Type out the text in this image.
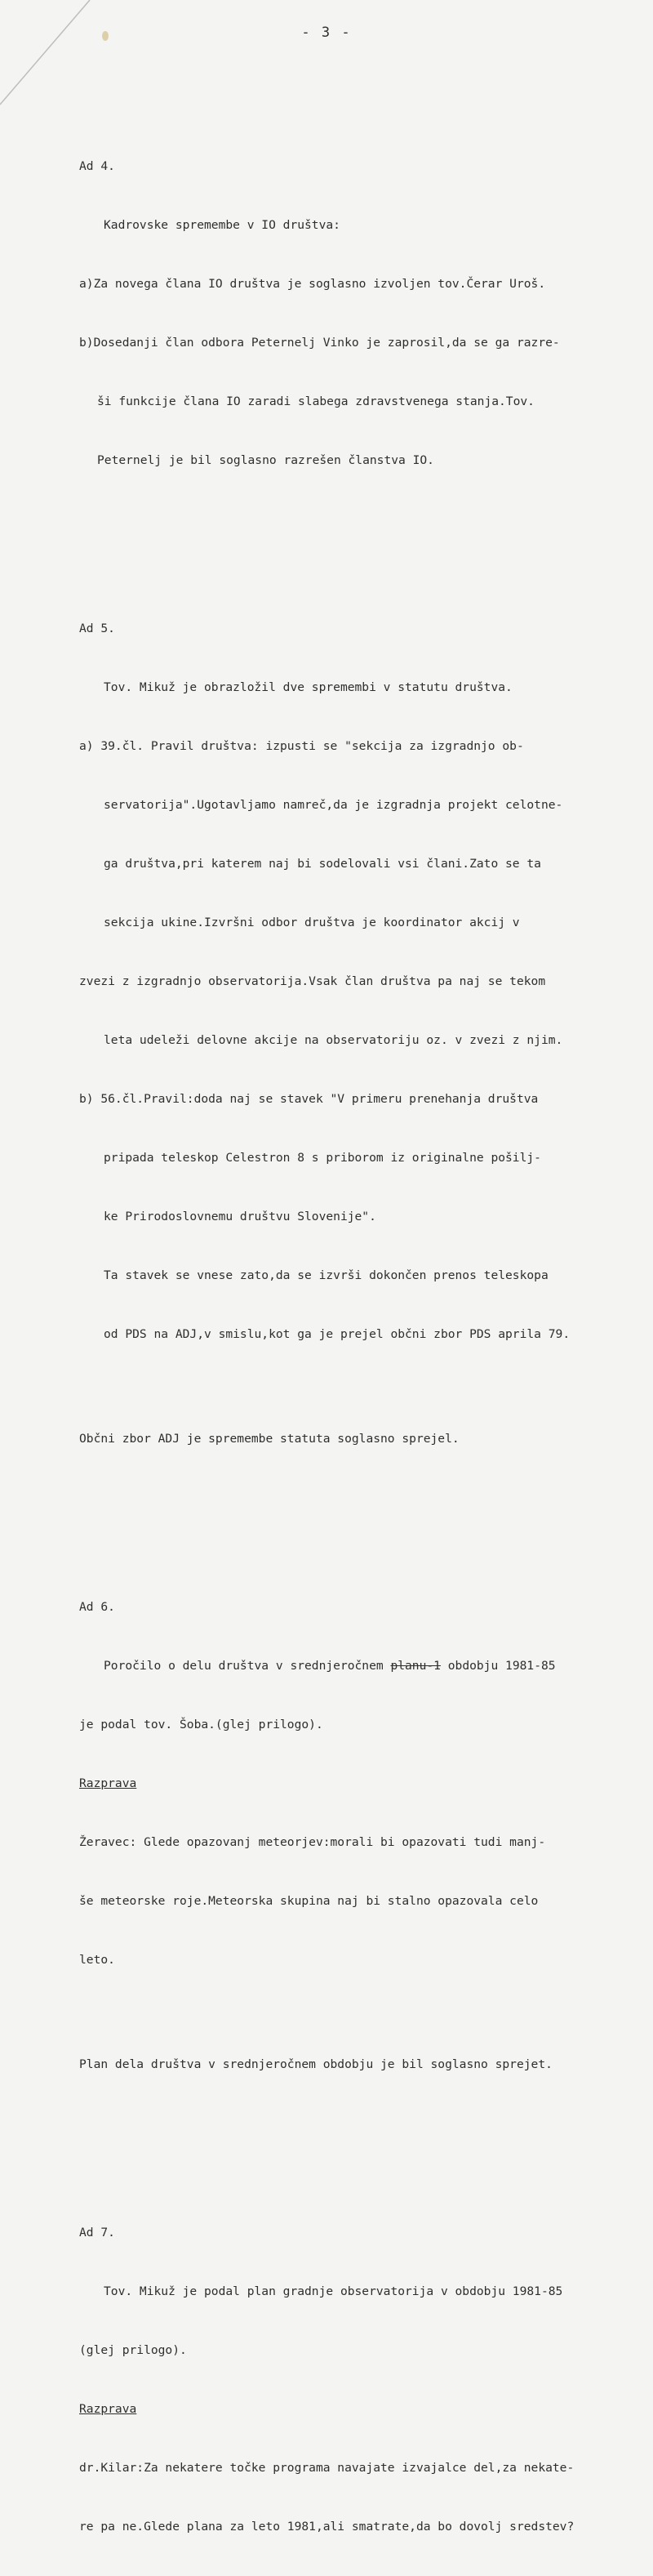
- 3 -

Ad 4.

Kadrovske spremembe v IO društva:

a)Za novega člana IO društva je soglasno izvoljen tov.Čerar Uroš.

b)Dosedanji član odbora Peternelj Vinko je zaprosil,da se ga razre-

ši funkcije člana IO zaradi slabega zdravstvenega stanja.Tov.

Peternelj je bil soglasno razrešen članstva IO.

Ad 5.

Tov. Mikuž je obrazložil dve spremembi v statutu društva.

a) 39.čl. Pravil društva: izpusti se "sekcija za izgradnjo ob-

servatorija".Ugotavljamo namreč,da je izgradnja projekt celotne-

ga društva,pri katerem naj bi sodelovali vsi člani.Zato se ta

sekcija ukine.Izvršni odbor društva je koordinator akcij v

zvezi z izgradnjo observatorija.Vsak član društva pa naj se tekom

leta udeleži delovne akcije na observatoriju oz. v zvezi z njim.

b) 56.čl.Pravil:doda naj se stavek "V primeru prenehanja društva

pripada teleskop Celestron 8 s priborom iz originalne pošilj-

ke Prirodoslovnemu društvu Slovenije".

Ta stavek se vnese zato,da se izvrši dokončen prenos teleskopa

od PDS na ADJ,v smislu,kot ga je prejel občni zbor PDS aprila 79.

Občni zbor ADJ je spremembe statuta soglasno sprejel.

Ad 6.

Poročilo o delu društva v srednjeročnem planu-1 obdobju 1981-85

je podal tov. Šoba.(glej prilogo).

Razprava

Žeravec: Glede opazovanj meteorjev:morali bi opazovati tudi manj-

še meteorske roje.Meteorska skupina naj bi stalno opazovala celo

leto.

Plan dela društva v srednjeročnem obdobju je bil soglasno sprejet.

Ad 7.

Tov. Mikuž je podal plan gradnje observatorija v obdobju 1981-85

(glej prilogo).

Razprava

dr.Kilar:Za nekatere točke programa navajate izvajalce del,za nekate-

re pa ne.Glede plana za leto 1981,ali smatrate,da bo dovolj sredstev?
